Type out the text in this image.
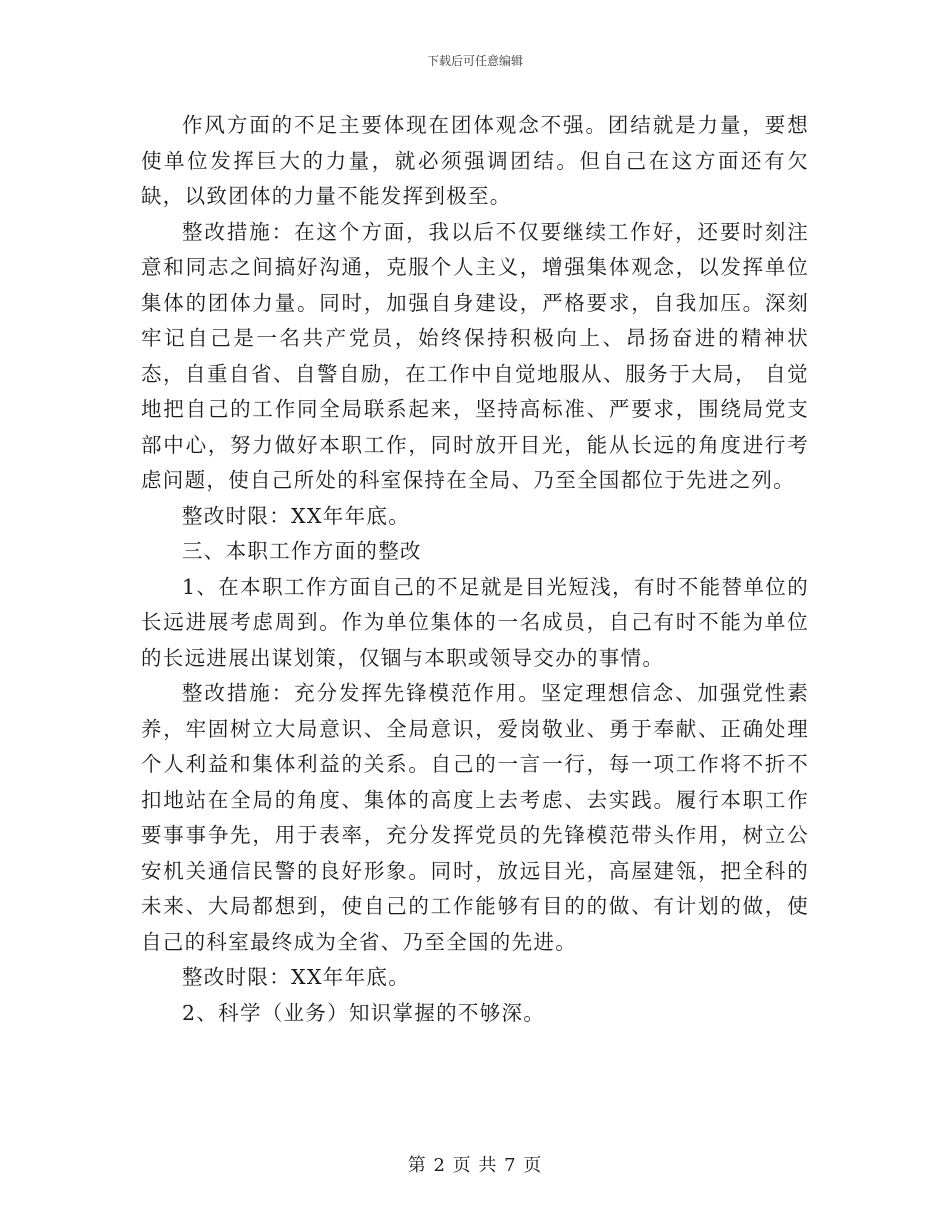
下载后可任意编辑

作风方面的不足主要体现在团体观念不强。团结就是力量，要想使单位发挥巨大的力量，就必须强调团结。但自己在这方面还有欠缺，以致团体的力量不能发挥到极至。

整改措施：在这个方面，我以后不仅要继续工作好，还要时刻注意和同志之间搞好沟通，克服个人主义，增强集体观念，以发挥单位集体的团体力量。同时，加强自身建设，严格要求，自我加压。深刻牢记自己是一名共产党员，始终保持积极向上、昂扬奋进的精神状态，自重自省、自警自励，在工作中自觉地服从、服务于大局， 自觉地把自己的工作同全局联系起来，坚持高标准、严要求，围绕局党支部中心，努力做好本职工作，同时放开目光，能从长远的角度进行考虑问题，使自己所处的科室保持在全局、乃至全国都位于先进之列。

整改时限：XX年年底。

三、本职工作方面的整改

1、在本职工作方面自己的不足就是目光短浅，有时不能替单位的长远进展考虑周到。作为单位集体的一名成员，自己有时不能为单位的长远进展出谋划策，仅锢与本职或领导交办的事情。

整改措施：充分发挥先锋模范作用。坚定理想信念、加强党性素养，牢固树立大局意识、全局意识，爱岗敬业、勇于奉献、正确处理个人利益和集体利益的关系。自己的一言一行，每一项工作将不折不扣地站在全局的角度、集体的高度上去考虑、去实践。履行本职工作要事事争先，用于表率，充分发挥党员的先锋模范带头作用，树立公安机关通信民警的良好形象。同时，放远目光，高屋建瓴，把全科的未来、大局都想到，使自己的工作能够有目的的做、有计划的做，使自己的科室最终成为全省、乃至全国的先进。

整改时限：XX年年底。

2、科学（业务）知识掌握的不够深。

第 2 页 共 7 页
